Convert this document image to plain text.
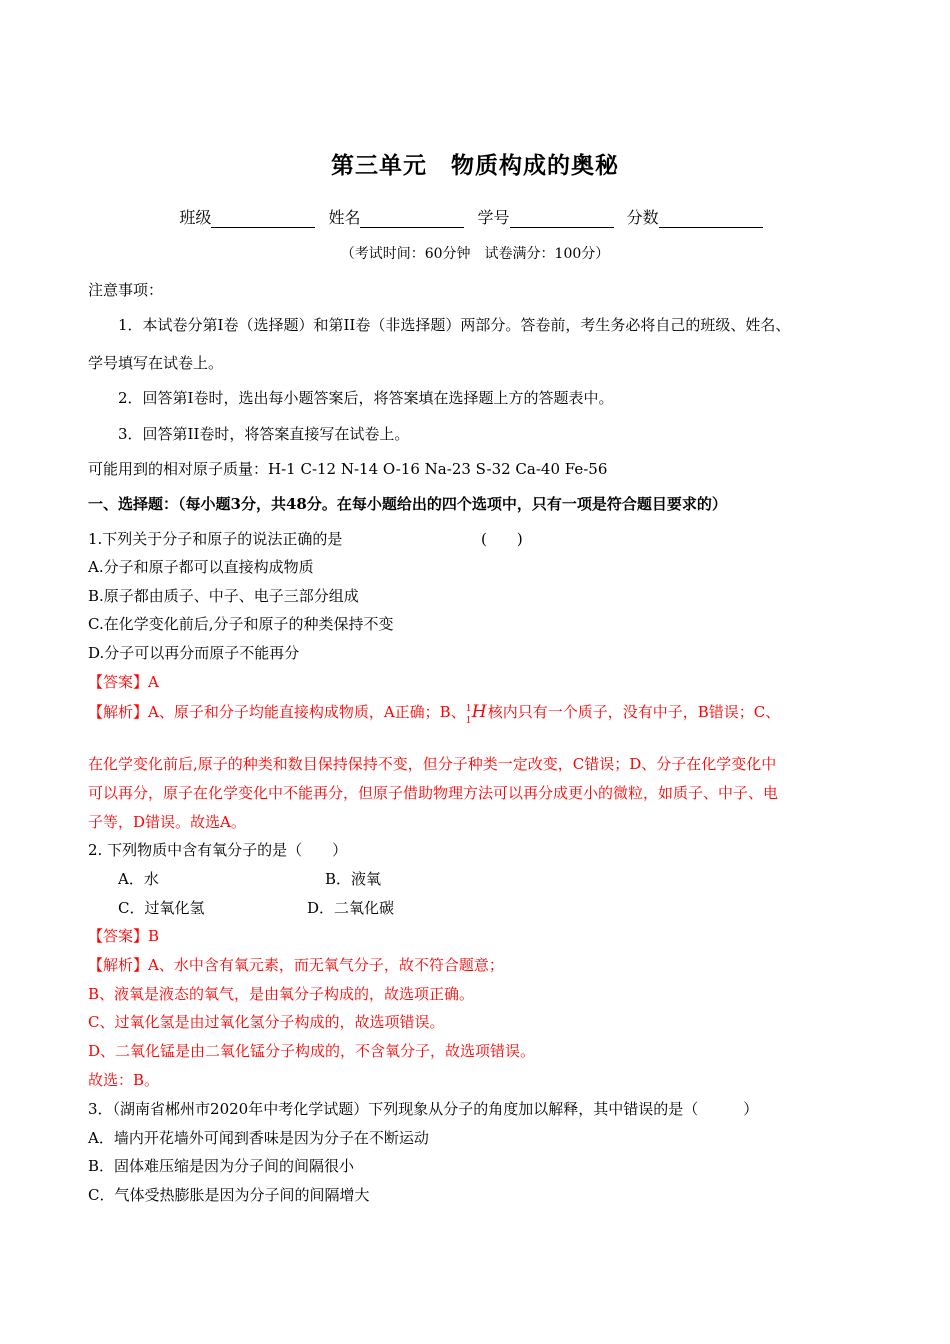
第三单元　物质构成的奥秘
班级	姓名	学号	分数
（考试时间：60分钟　试卷满分：100分）
注意事项：
1．本试卷分第I卷（选择题）和第II卷（非选择题）两部分。答卷前，考生务必将自己的班级、姓名、
学号填写在试卷上。
2．回答第I卷时，选出每小题答案后，将答案填在选择题上方的答题表中。
3．回答第II卷时，将答案直接写在试卷上。
可能用到的相对原子质量：H-1 C-12 N-14 O-16 Na-23 S-32 Ca-40 Fe-56
一、选择题：（每小题3分，共48分。在每小题给出的四个选项中，只有一项是符合题目要求的）
1.下列关于分子和原子的说法正确的是	(　　)
A.分子和原子都可以直接构成物质
B.原子都由质子、中子、电子三部分组成
C.在化学变化前后,分子和原子的种类保持不变
D.分子可以再分而原子不能再分
【答案】A
【解析】A、原子和分子均能直接构成物质，A正确；B、 1
1 H 核内只有一个质子，没有中子，B错误；C、
在化学变化前后,原子的种类和数目保持保持不变，但分子种类一定改变，C错误；D、分子在化学变化中
可以再分，原子在化学变化中不能再分，但原子借助物理方法可以再分成更小的微粒，如质子、中子、电
子等，D错误。故选A。
2. 下列物质中含有氧分子的是（　　）
A．水	B．液氧
C．过氧化氢	D．二氧化碳
【答案】B
【解析】A、水中含有氧元素，而无氧气分子，故不符合题意；
B、液氧是液态的氧气，是由氧分子构成的，故选项正确。
C、过氧化氢是由过氧化氢分子构成的，故选项错误。
D、二氧化锰是由二氧化锰分子构成的，不含氧分子，故选项错误。
故选：B。
3．（湖南省郴州市2020年中考化学试题）下列现象从分子的角度加以解释，其中错误的是（　　　）
A．墙内开花墙外可闻到香味是因为分子在不断运动
B．固体难压缩是因为分子间的间隔很小
C．气体受热膨胀是因为分子间的间隔增大
